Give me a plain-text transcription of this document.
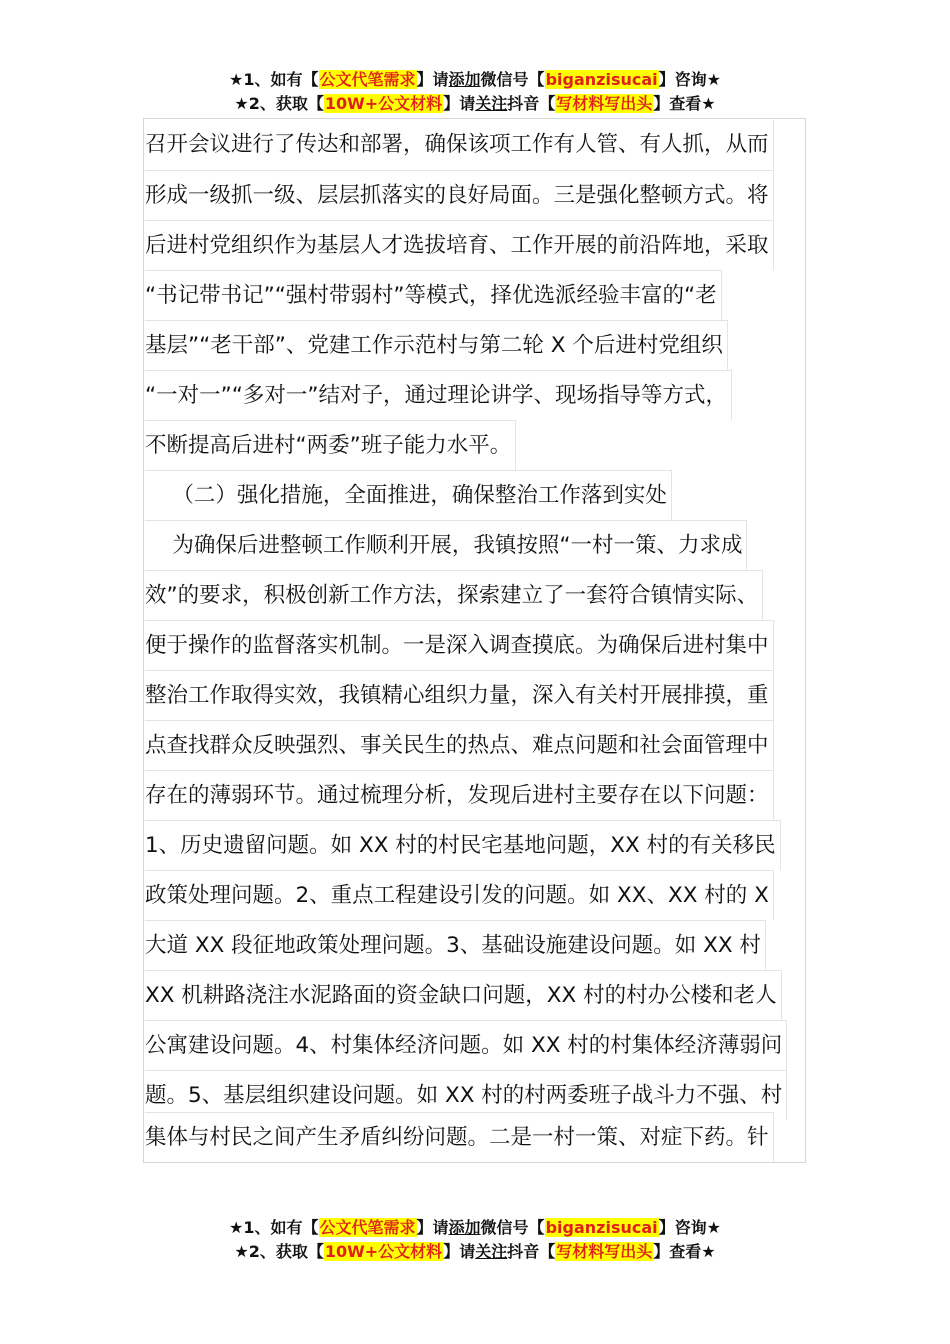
★1、如有【公文代笔需求】请添加微信号【biganzisucai】咨询★
★2、获取【10W+公文材料】请关注抖音【写材料写出头】查看★
召开会议进行了传达和部署，确保该项工作有人管、有人抓，从而
形成一级抓一级、层层抓落实的良好局面。三是强化整顿方式。将
后进村党组织作为基层人才选拔培育、工作开展的前沿阵地，采取
“书记带书记”“强村带弱村”等模式，择优选派经验丰富的“老
基层”“老干部”、党建工作示范村与第二轮 X 个后进村党组织
“一对一”“多对一”结对子，通过理论讲学、现场指导等方式，
不断提高后进村“两委”班子能力水平。
（二）强化措施，全面推进，确保整治工作落到实处
为确保后进整顿工作顺利开展，我镇按照“一村一策、力求成
效”的要求，积极创新工作方法，探索建立了一套符合镇情实际、
便于操作的监督落实机制。一是深入调查摸底。为确保后进村集中
整治工作取得实效，我镇精心组织力量，深入有关村开展排摸，重
点查找群众反映强烈、事关民生的热点、难点问题和社会面管理中
存在的薄弱环节。通过梳理分析，发现后进村主要存在以下问题：
1、历史遗留问题。如 XX 村的村民宅基地问题，XX 村的有关移民
政策处理问题。2、重点工程建设引发的问题。如 XX、XX 村的 X
大道 XX 段征地政策处理问题。3、基础设施建设问题。如 XX 村
XX 机耕路浇注水泥路面的资金缺口问题，XX 村的村办公楼和老人
公寓建设问题。4、村集体经济问题。如 XX 村的村集体经济薄弱问
题。5、基层组织建设问题。如 XX 村的村两委班子战斗力不强、村
集体与村民之间产生矛盾纠纷问题。二是一村一策、对症下药。针
★1、如有【公文代笔需求】请添加微信号【biganzisucai】咨询★
★2、获取【10W+公文材料】请关注抖音【写材料写出头】查看★
